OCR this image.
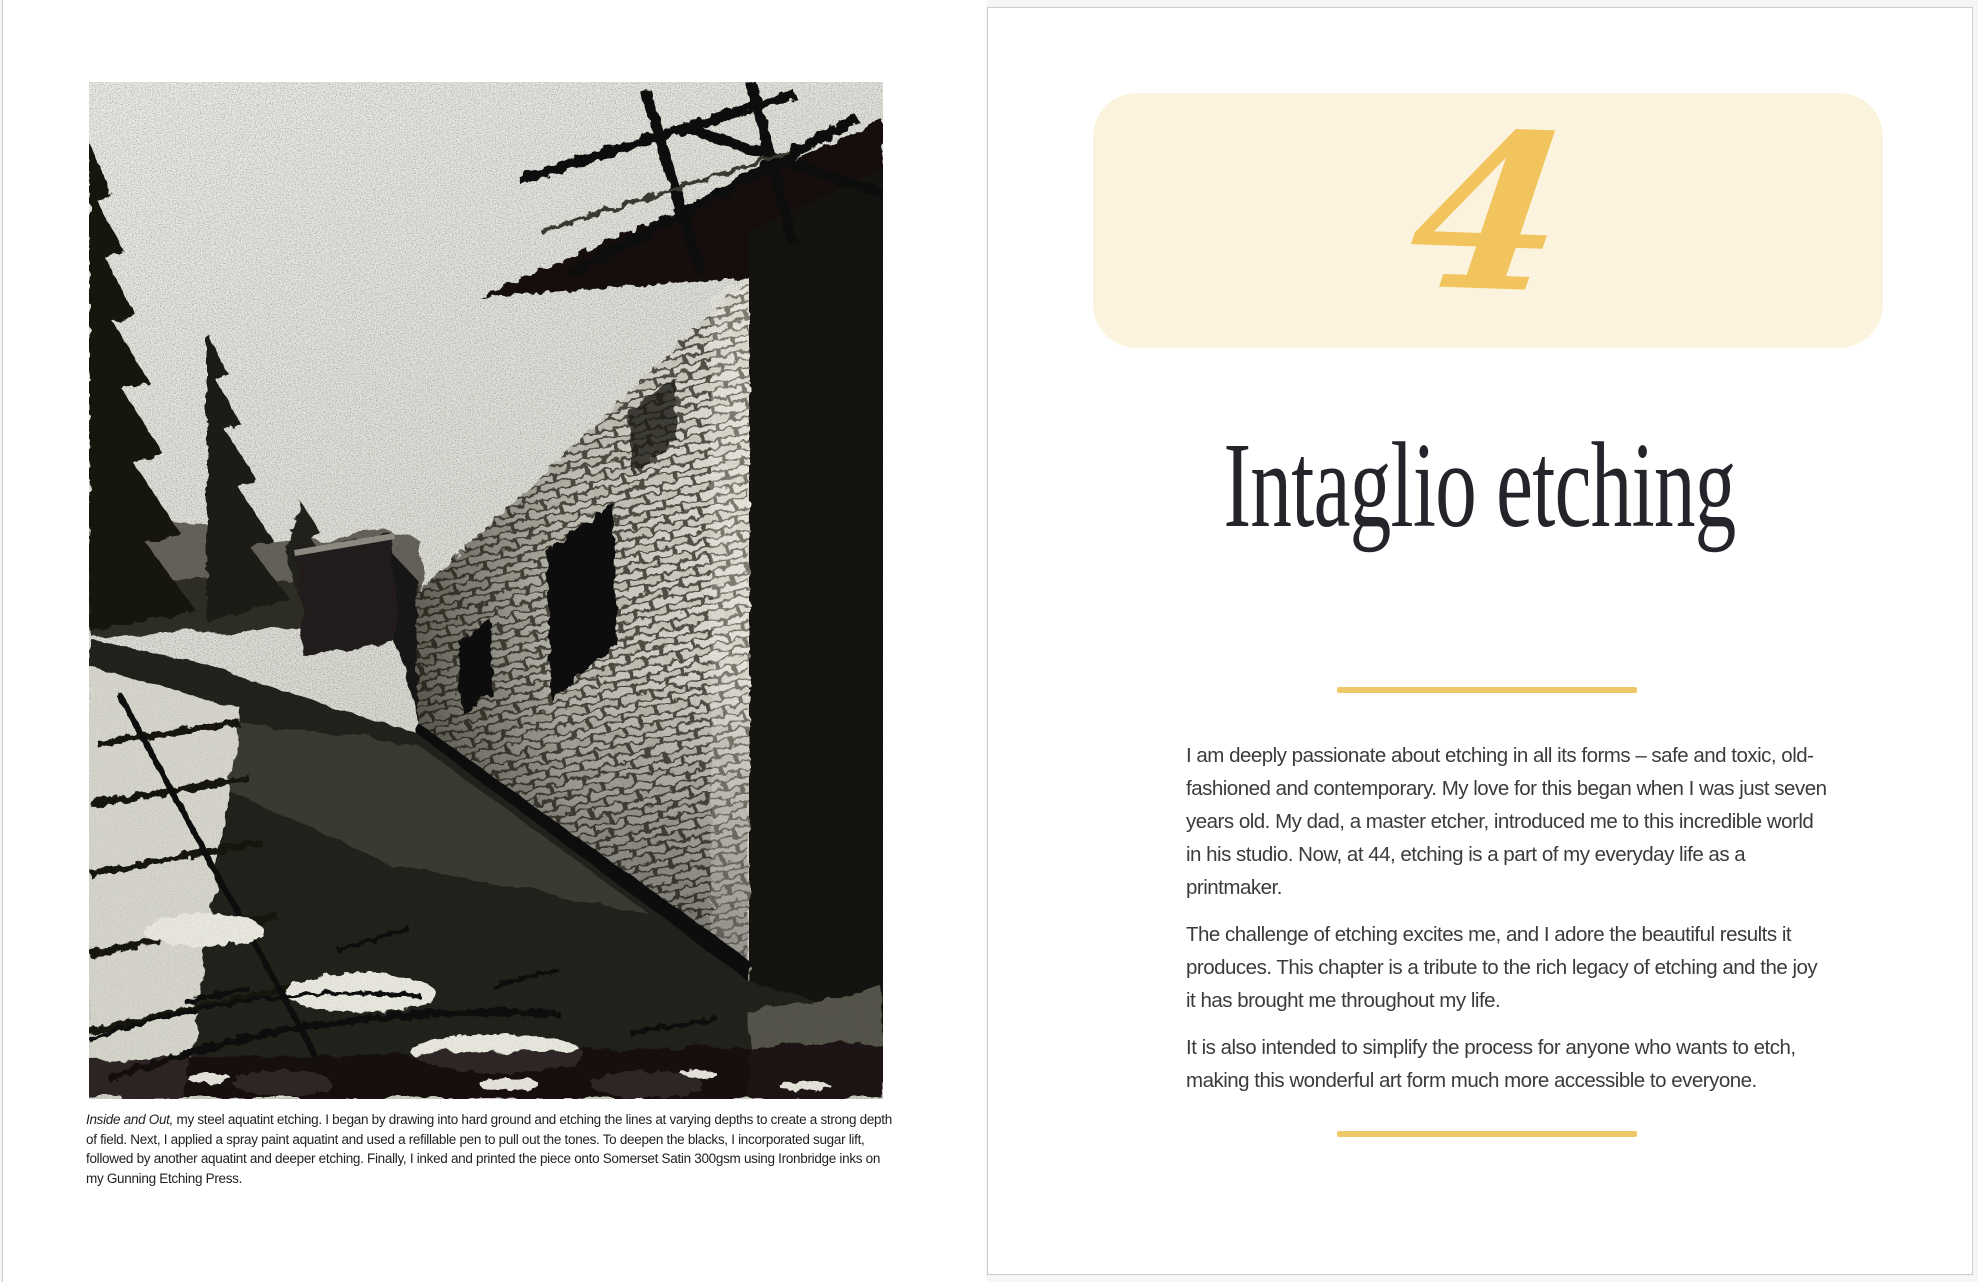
Inside and Out, my steel aquatint etching. I began by drawing into hard ground and etching the lines at varying depths to create a strong depth of field. Next, I applied a spray paint aquatint and used a refillable pen to pull out the tones. To deepen the blacks, I incorporated sugar lift, followed by another aquatint and deeper etching. Finally, I inked and printed the piece onto Somerset Satin 300gsm using Ironbridge inks on my Gunning Etching Press.
4
Intaglio etching

I am deeply passionate about etching in all its forms – safe and toxic, old-fashioned and contemporary. My love for this began when I was just seven years old. My dad, a master etcher, introduced me to this incredible world in his studio. Now, at 44, etching is a part of my everyday life as a printmaker.

The challenge of etching excites me, and I adore the beautiful results it produces. This chapter is a tribute to the rich legacy of etching and the joy it has brought me throughout my life.

It is also intended to simplify the process for anyone who wants to etch, making this wonderful art form much more accessible to everyone.
